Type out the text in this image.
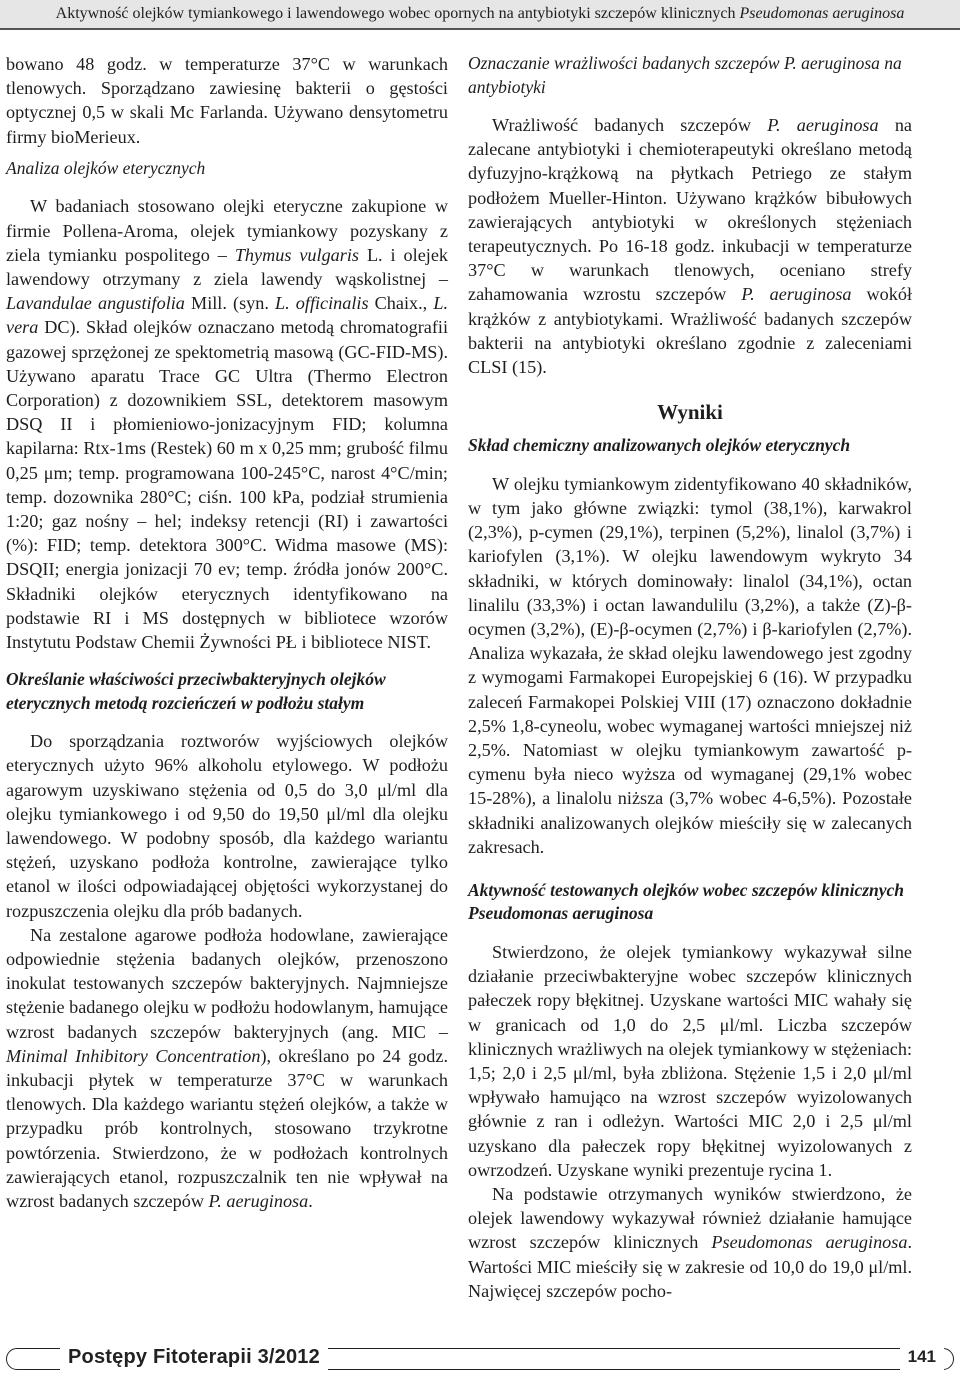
Aktywność olejków tymiankowego i lawendowego wobec opornych na antybiotyki szczepów klinicznych Pseudomonas aeruginosa

bowano 48 godz. w temperaturze 37°C w warunkach tlenowych. Sporządzano zawiesinę bakterii o gęstości optycznej 0,5 w skali Mc Farlanda. Używano densytometru firmy bioMerieux.

Analiza olejków eterycznych

W badaniach stosowano olejki eteryczne zakupione w firmie Pollena-Aroma, olejek tymiankowy pozyskany z ziela tymianku pospolitego – Thymus vulgaris L. i olejek lawendowy otrzymany z ziela lawendy wąskolistnej – Lavandulae angustifolia Mill. (syn. L. officinalis Chaix., L. vera DC). Skład olejków oznaczano metodą chromatografii gazowej sprzężonej ze spektometrią masową (GC-FID-MS). Używano aparatu Trace GC Ultra (Thermo Electron Corporation) z dozownikiem SSL, detektorem masowym DSQ II i płomieniowo-jonizacyjnym FID; kolumna kapilarna: Rtx-1ms (Restek) 60 m x 0,25 mm; grubość filmu 0,25 μm; temp. programowana 100-245°C, narost 4°C/min; temp. dozownika 280°C; ciśn. 100 kPa, podział strumienia 1:20; gaz nośny – hel; indeksy retencji (RI) i zawartości (%): FID; temp. detektora 300°C. Widma masowe (MS): DSQII; energia jonizacji 70 ev; temp. źródła jonów 200°C. Składniki olejków eterycznych identyfikowano na podstawie RI i MS dostępnych w bibliotece wzorów Instytutu Podstaw Chemii Żywności PŁ i bibliotece NIST.

Określanie właściwości przeciwbakteryjnych olejków eterycznych metodą rozcieńczeń w podłożu stałym

Do sporządzania roztworów wyjściowych olejków eterycznych użyto 96% alkoholu etylowego. W podłożu agarowym uzyskiwano stężenia od 0,5 do 3,0 μl/ml dla olejku tymiankowego i od 9,50 do 19,50 μl/ml dla olejku lawendowego. W podobny sposób, dla każdego wariantu stężeń, uzyskano podłoża kontrolne, zawierające tylko etanol w ilości odpowiadającej objętości wykorzystanej do rozpuszczenia olejku dla prób badanych.

Na zestalone agarowe podłoża hodowlane, zawierające odpowiednie stężenia badanych olejków, przenoszono inokulat testowanych szczepów bakteryjnych. Najmniejsze stężenie badanego olejku w podłożu hodowlanym, hamujące wzrost badanych szczepów bakteryjnych (ang. MIC – Minimal Inhibitory Concentration), określano po 24 godz. inkubacji płytek w temperaturze 37°C w warunkach tlenowych. Dla każdego wariantu stężeń olejków, a także w przypadku prób kontrolnych, stosowano trzykrotne powtórzenia. Stwierdzono, że w podłożach kontrolnych zawierających etanol, rozpuszczalnik ten nie wpływał na wzrost badanych szczepów P. aeruginosa.

Oznaczanie wrażliwości badanych szczepów P. aeruginosa na antybiotyki

Wrażliwość badanych szczepów P. aeruginosa na zalecane antybiotyki i chemioterapeutyki określano metodą dyfuzyjno-krążkową na płytkach Petriego ze stałym podłożem Mueller-Hinton. Używano krążków bibułowych zawierających antybiotyki w określonych stężeniach terapeutycznych. Po 16-18 godz. inkubacji w temperaturze 37°C w warunkach tlenowych, oceniano strefy zahamowania wzrostu szczepów P. aeruginosa wokół krążków z antybiotykami. Wrażliwość badanych szczepów bakterii na antybiotyki określano zgodnie z zaleceniami CLSI (15).

Wyniki
Skład chemiczny analizowanych olejków eterycznych

W olejku tymiankowym zidentyfikowano 40 składników, w tym jako główne związki: tymol (38,1%), karwakrol (2,3%), p-cymen (29,1%), terpinen (5,2%), linalol (3,7%) i kariofylen (3,1%). W olejku lawendowym wykryto 34 składniki, w których dominowały: linalol (34,1%), octan linalilu (33,3%) i octan lawandulilu (3,2%), a także (Z)-β-ocymen (3,2%), (E)-β-ocymen (2,7%) i β-kariofylen (2,7%). Analiza wykazała, że skład olejku lawendowego jest zgodny z wymogami Farmakopei Europejskiej 6 (16). W przypadku zaleceń Farmakopei Polskiej VIII (17) oznaczono dokładnie 2,5% 1,8-cyneolu, wobec wymaganej wartości mniejszej niż 2,5%. Natomiast w olejku tymiankowym zawartość p-cymenu była nieco wyższa od wymaganej (29,1% wobec 15-28%), a linalolu niższa (3,7% wobec 4-6,5%). Pozostałe składniki analizowanych olejków mieściły się w zalecanych zakresach.

Aktywność testowanych olejków wobec szczepów klinicznych Pseudomonas aeruginosa

Stwierdzono, że olejek tymiankowy wykazywał silne działanie przeciwbakteryjne wobec szczepów klinicznych pałeczek ropy błękitnej. Uzyskane wartości MIC wahały się w granicach od 1,0 do 2,5 μl/ml. Liczba szczepów klinicznych wrażliwych na olejek tymiankowy w stężeniach: 1,5; 2,0 i 2,5 μl/ml, była zbliżona. Stężenie 1,5 i 2,0 μl/ml wpływało hamująco na wzrost szczepów wyizolowanych głównie z ran i odleżyn. Wartości MIC 2,0 i 2,5 μl/ml uzyskano dla pałeczek ropy błękitnej wyizolowanych z owrzodzeń. Uzyskane wyniki prezentuje rycina 1.

Na podstawie otrzymanych wyników stwierdzono, że olejek lawendowy wykazywał również działanie hamujące wzrost szczepów klinicznych Pseudomonas aeruginosa. Wartości MIC mieściły się w zakresie od 10,0 do 19,0 μl/ml. Najwięcej szczepów pocho-

Postępy Fitoterapii 3/2012	141
